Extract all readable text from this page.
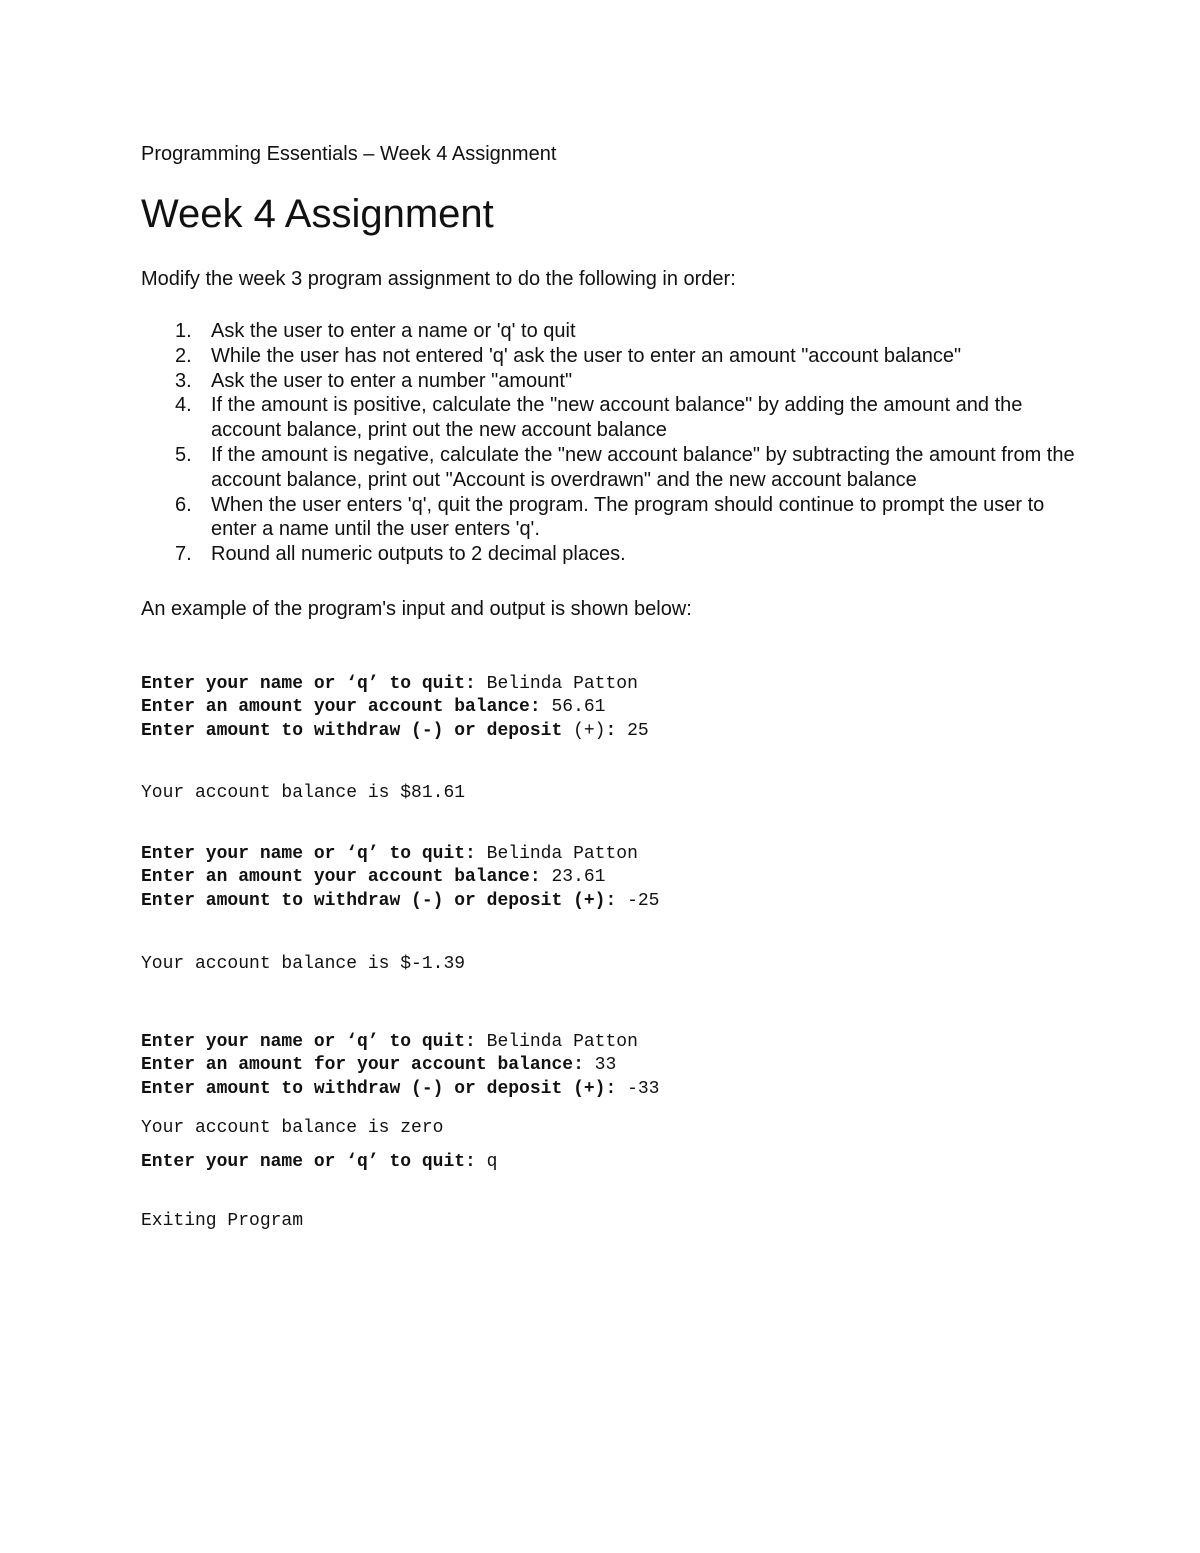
Programming Essentials – Week 4 Assignment
Week 4 Assignment
Modify the week 3 program assignment to do the following in order:
1. Ask the user to enter a name or 'q' to quit
2. While the user has not entered 'q' ask the user to enter an amount "account balance"
3. Ask the user to enter a number "amount"
4. If the amount is positive, calculate the "new account balance" by adding the amount and the account balance, print out the new account balance
5. If the amount is negative, calculate the "new account balance" by subtracting the amount from the account balance, print out "Account is overdrawn" and the new account balance
6. When the user enters 'q', quit the program. The program should continue to prompt the user to enter a name until the user enters 'q'.
7. Round all numeric outputs to 2 decimal places.
An example of the program's input and output is shown below:
Enter your name or ‘q’ to quit: Belinda Patton
Enter an amount your account balance: 56.61
Enter amount to withdraw (-) or deposit (+): 25
Your account balance is $81.61
Enter your name or ‘q’ to quit: Belinda Patton
Enter an amount your account balance: 23.61
Enter amount to withdraw (-) or deposit (+): -25
Your account balance is $-1.39
Enter your name or ‘q’ to quit: Belinda Patton
Enter an amount for your account balance: 33
Enter amount to withdraw (-) or deposit (+): -33
Your account balance is zero
Enter your name or ‘q’ to quit: q
Exiting Program
